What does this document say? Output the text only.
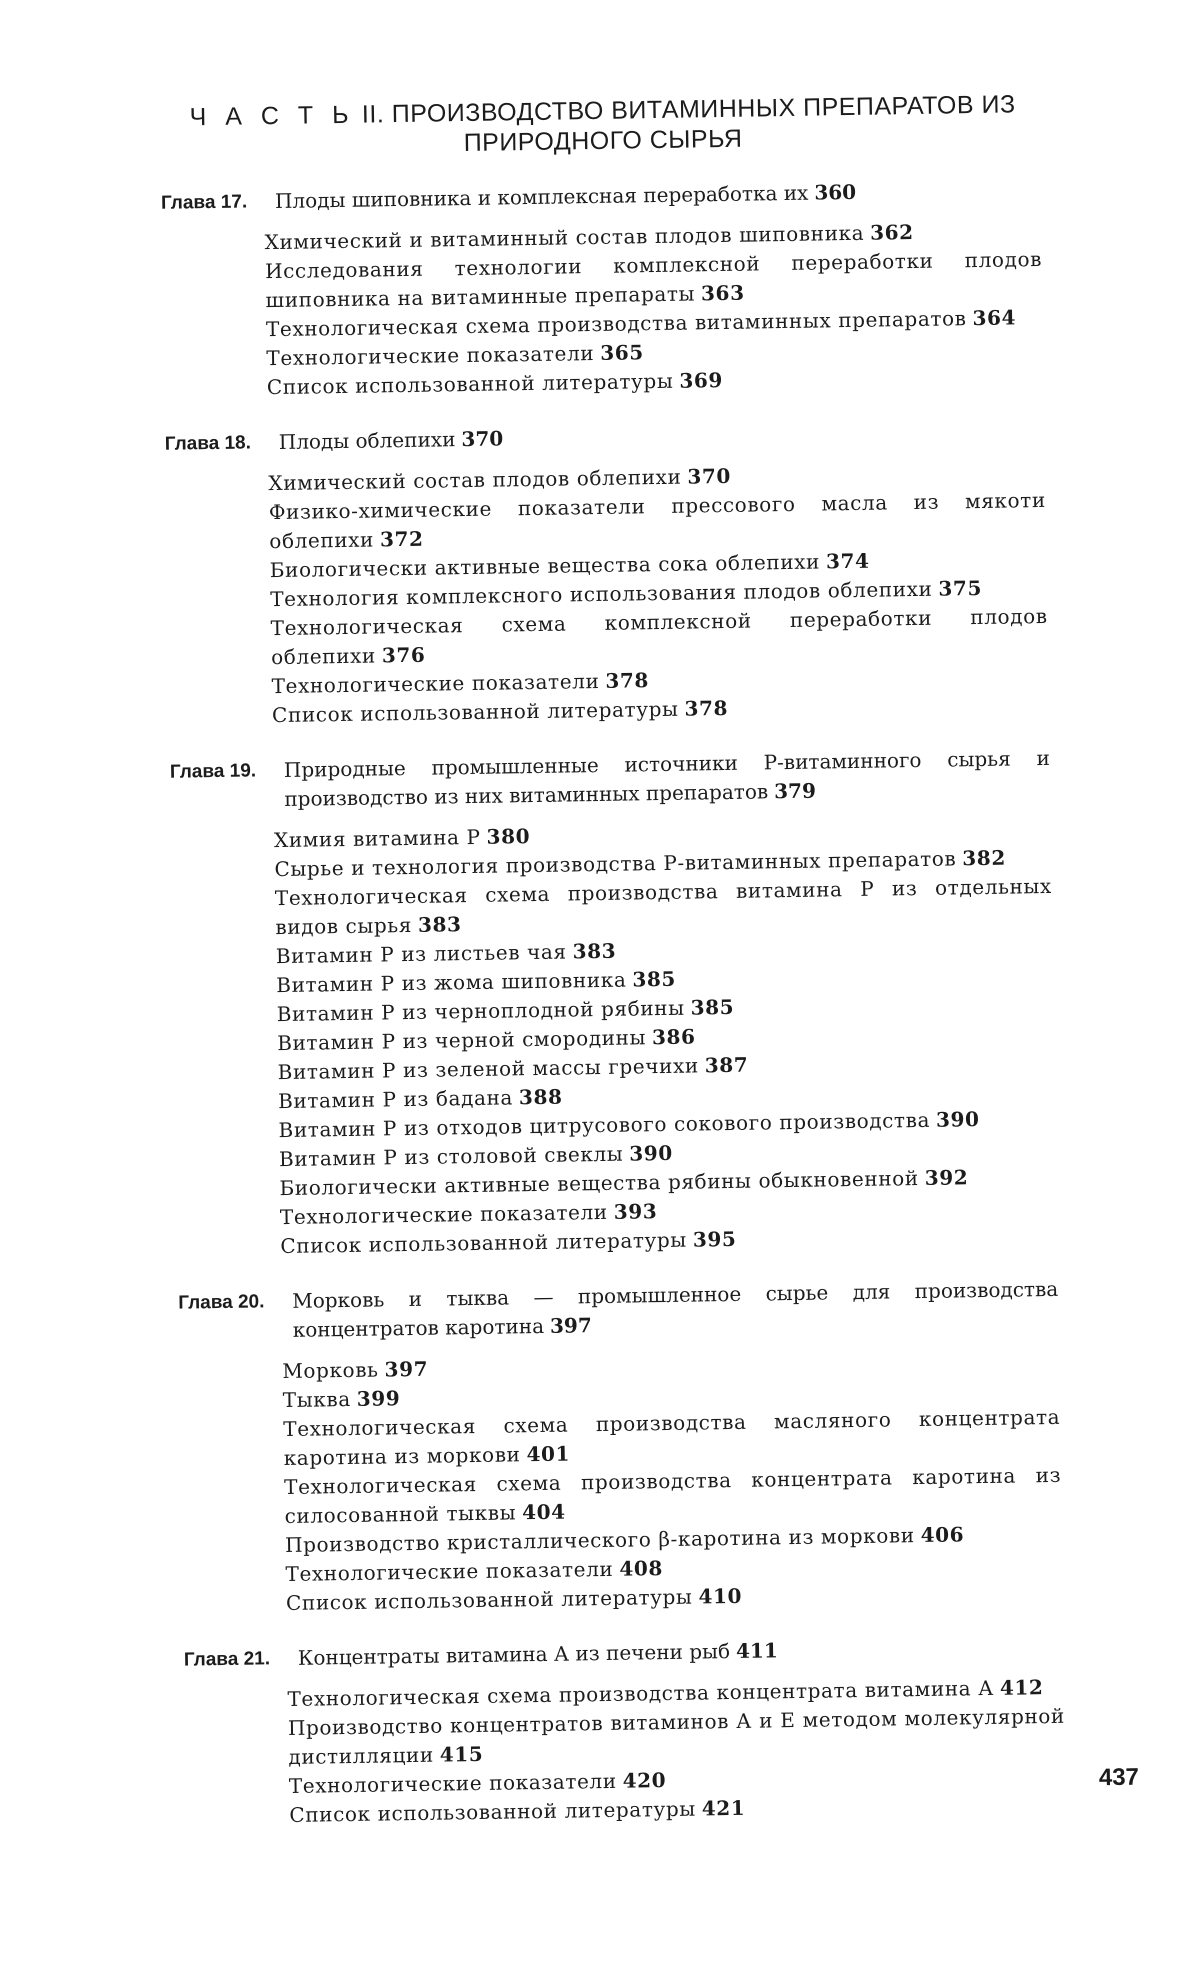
Ч А С Т Ь II. ПРОИЗВОДСТВО ВИТАМИННЫХ ПРЕПАРАТОВ ИЗ ПРИРОДНОГО СЫРЬЯ
Глава 17.	Плоды шиповника и комплексная переработка их 360
Химический и витаминный состав плодов шиповника 362
Исследования технологии комплексной переработки плодов шиповника на витаминные препараты 363
Технологическая схема производства витаминных препаратов 364
Технологические показатели 365
Список использованной литературы 369
Глава 18.	Плоды облепихи 370
Химический состав плодов облепихи 370
Физико-химические показатели прессового масла из мякоти облепихи 372
Биологически активные вещества сока облепихи 374
Технология комплексного использования плодов облепихи 375
Технологическая схема комплексной переработки плодов облепихи 376
Технологические показатели 378
Список использованной литературы 378
Глава 19.	Природные промышленные источники Р-витаминного сырья и производство из них витаминных препаратов 379
Химия витамина Р 380
Сырье и технология производства Р-витаминных препаратов 382
Технологическая схема производства витамина Р из отдельных видов сырья 383
Витамин Р из листьев чая 383
Витамин Р из жома шиповника 385
Витамин Р из черноплодной рябины 385
Витамин Р из черной смородины 386
Витамин Р из зеленой массы гречихи 387
Витамин Р из бадана 388
Витамин Р из отходов цитрусового сокового производства 390
Витамин Р из столовой свеклы 390
Биологически активные вещества рябины обыкновенной 392
Технологические показатели 393
Список использованной литературы 395
Глава 20.	Морковь и тыква — промышленное сырье для производства концентратов каротина 397
Морковь 397
Тыква 399
Технологическая схема производства масляного концентрата каротина из моркови 401
Технологическая схема производства концентрата каротина из силосованной тыквы 404
Производство кристаллического β-каротина из моркови 406
Технологические показатели 408
Список использованной литературы 410
Глава 21.	Концентраты витамина А из печени рыб 411
Технологическая схема производства концентрата витамина А 412
Производство концентратов витаминов А и Е методом молекулярной дистилляции 415
Технологические показатели 420
Список использованной литературы 421
437
